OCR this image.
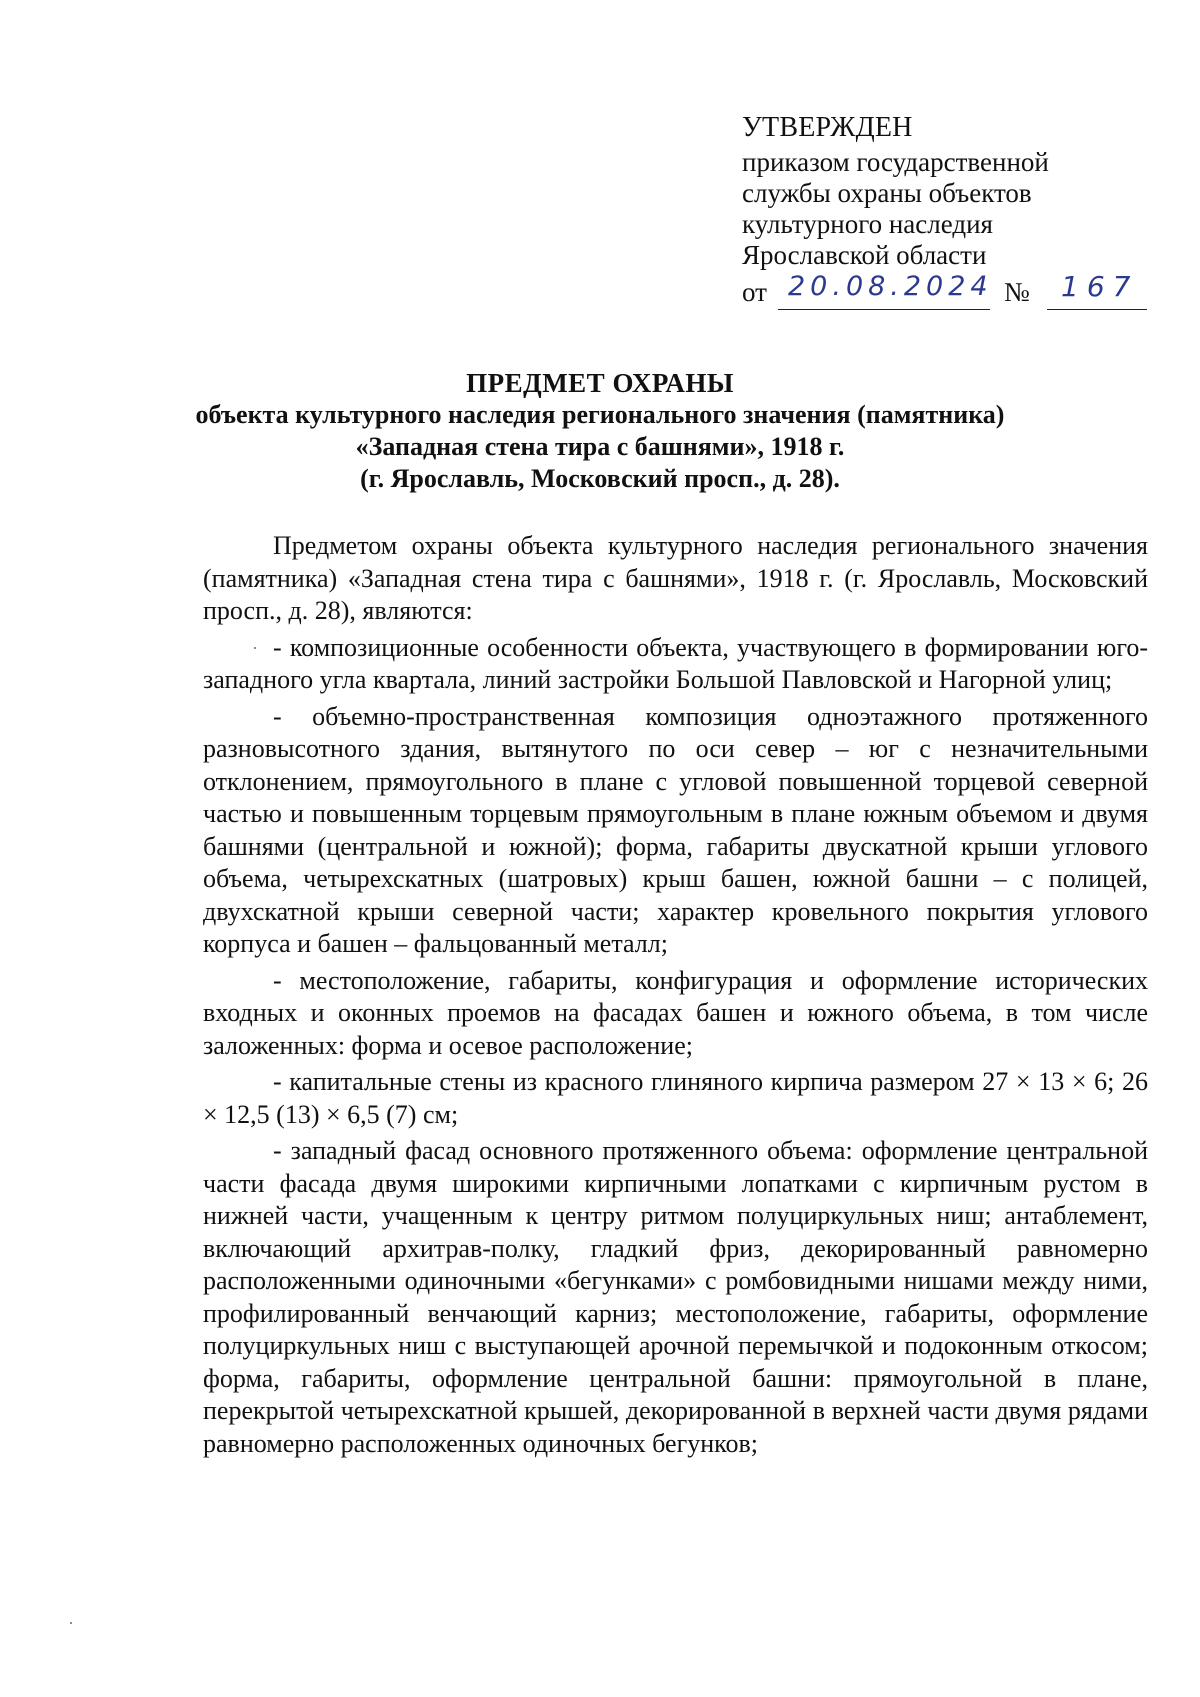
УТВЕРЖДЕН
приказом государственной
службы охраны объектов
культурного наследия
Ярославской области
от 20.08.2024 № 167
ПРЕДМЕТ ОХРАНЫ
объекта культурного наследия регионального значения (памятника)
«Западная стена тира с башнями», 1918 г.
(г. Ярославль, Московский просп., д. 28).

Предметом охраны объекта культурного наследия регионального значения (памятника) «Западная стена тира с башнями», 1918 г. (г. Ярославль, Московский просп., д. 28), являются:

- композиционные особенности объекта, участвующего в формировании юго-западного угла квартала, линий застройки Большой Павловской и Нагорной улиц;

- объемно-пространственная композиция одноэтажного протяженного разновысотного здания, вытянутого по оси север – юг с незначительными отклонением, прямоугольного в плане с угловой повышенной торцевой северной частью и повышенным торцевым прямоугольным в плане южным объемом и двумя башнями (центральной и южной); форма, габариты двускатной крыши углового объема, четырехскатных (шатровых) крыш башен, южной башни – с полицей, двухскатной крыши северной части; характер кровельного покрытия углового корпуса и башен – фальцованный металл;

- местоположение, габариты, конфигурация и оформление исторических входных и оконных проемов на фасадах башен и южного объема, в том числе заложенных: форма и осевое расположение;

- капитальные стены из красного глиняного кирпича размером 27 × 13 × 6; 26 × 12,5 (13) × 6,5 (7) см;

- западный фасад основного протяженного объема: оформление центральной части фасада двумя широкими кирпичными лопатками с кирпичным рустом в нижней части, учащенным к центру ритмом полуциркульных ниш; антаблемент, включающий архитрав-полку, гладкий фриз, декорированный равномерно расположенными одиночными «бегунками» с ромбовидными нишами между ними, профилированный венчающий карниз; местоположение, габариты, оформление полуциркульных ниш с выступающей арочной перемычкой и подоконным откосом; форма, габариты, оформление центральной башни: прямоугольной в плане, перекрытой четырехскатной крышей, декорированной в верхней части двумя рядами равномерно расположенных одиночных бегунков;
